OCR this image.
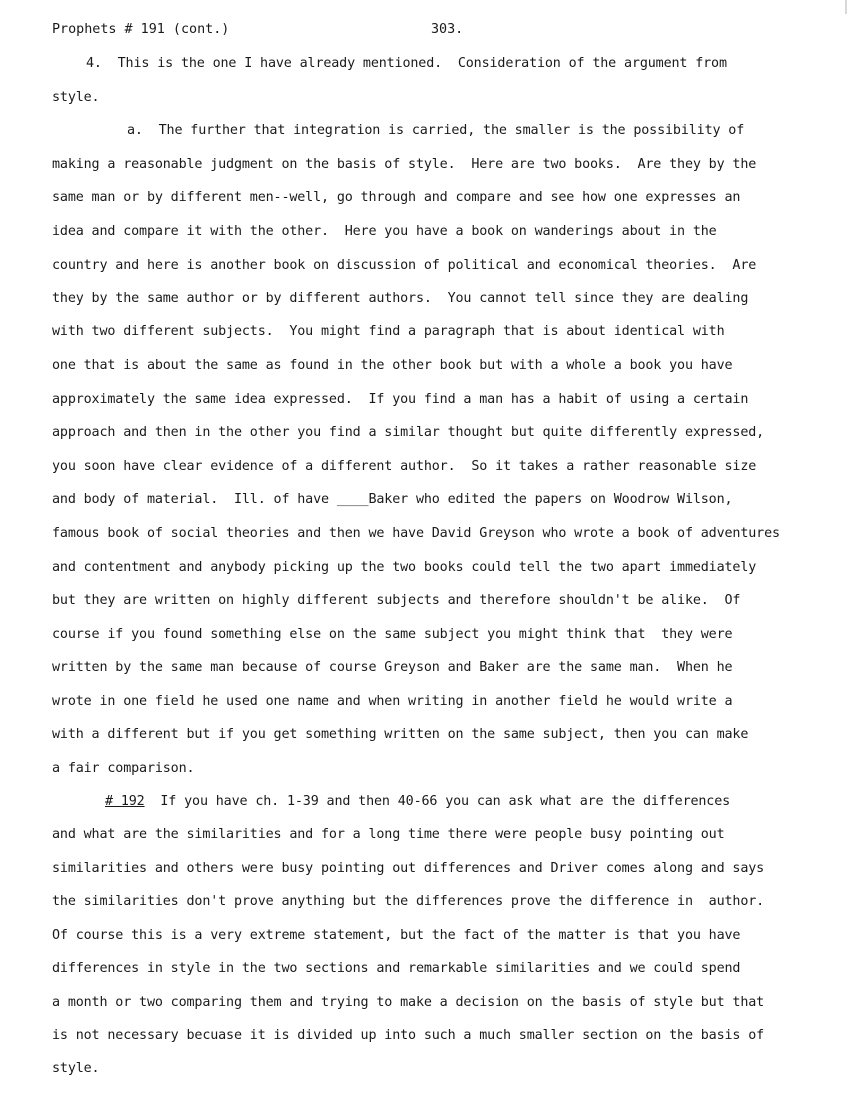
Prophets # 191 (cont.)	303.
4.  This is the one I have already mentioned.  Consideration of the argument from
style.
a.  The further that integration is carried, the smaller is the possibility of
making a reasonable judgment on the basis of style.  Here are two books.  Are they by the
same man or by different men--well, go through and compare and see how one expresses an
idea and compare it with the other.  Here you have a book on wanderings about in the
country and here is another book on discussion of political and economical theories.  Are
they by the same author or by different authors.  You cannot tell since they are dealing
with two different subjects.  You might find a paragraph that is about identical with
one that is about the same as found in the other book but with a whole a book you have
approximately the same idea expressed.  If you find a man has a habit of using a certain
approach and then in the other you find a similar thought but quite differently expressed,
you soon have clear evidence of a different author.  So it takes a rather reasonable size
and body of material.  Ill. of have ____Baker who edited the papers on Woodrow Wilson,
famous book of social theories and then we have David Greyson who wrote a book of adventures
and contentment and anybody picking up the two books could tell the two apart immediately
but they are written on highly different subjects and therefore shouldn't be alike.  Of
course if you found something else on the same subject you might think that  they were
written by the same man because of course Greyson and Baker are the same man.  When he
wrote in one field he used one name and when writing in another field he would write a
with a different but if you get something written on the same subject, then you can make
a fair comparison.
# 192  If you have ch. 1-39 and then 40-66 you can ask what are the differences
and what are the similarities and for a long time there were people busy pointing out
similarities and others were busy pointing out differences and Driver comes along and says
the similarities don't prove anything but the differences prove the difference in  author.
Of course this is a very extreme statement, but the fact of the matter is that you have
differences in style in the two sections and remarkable similarities and we could spend
a month or two comparing them and trying to make a decision on the basis of style but that
is not necessary becuase it is divided up into such a much smaller section on the basis of
style.
